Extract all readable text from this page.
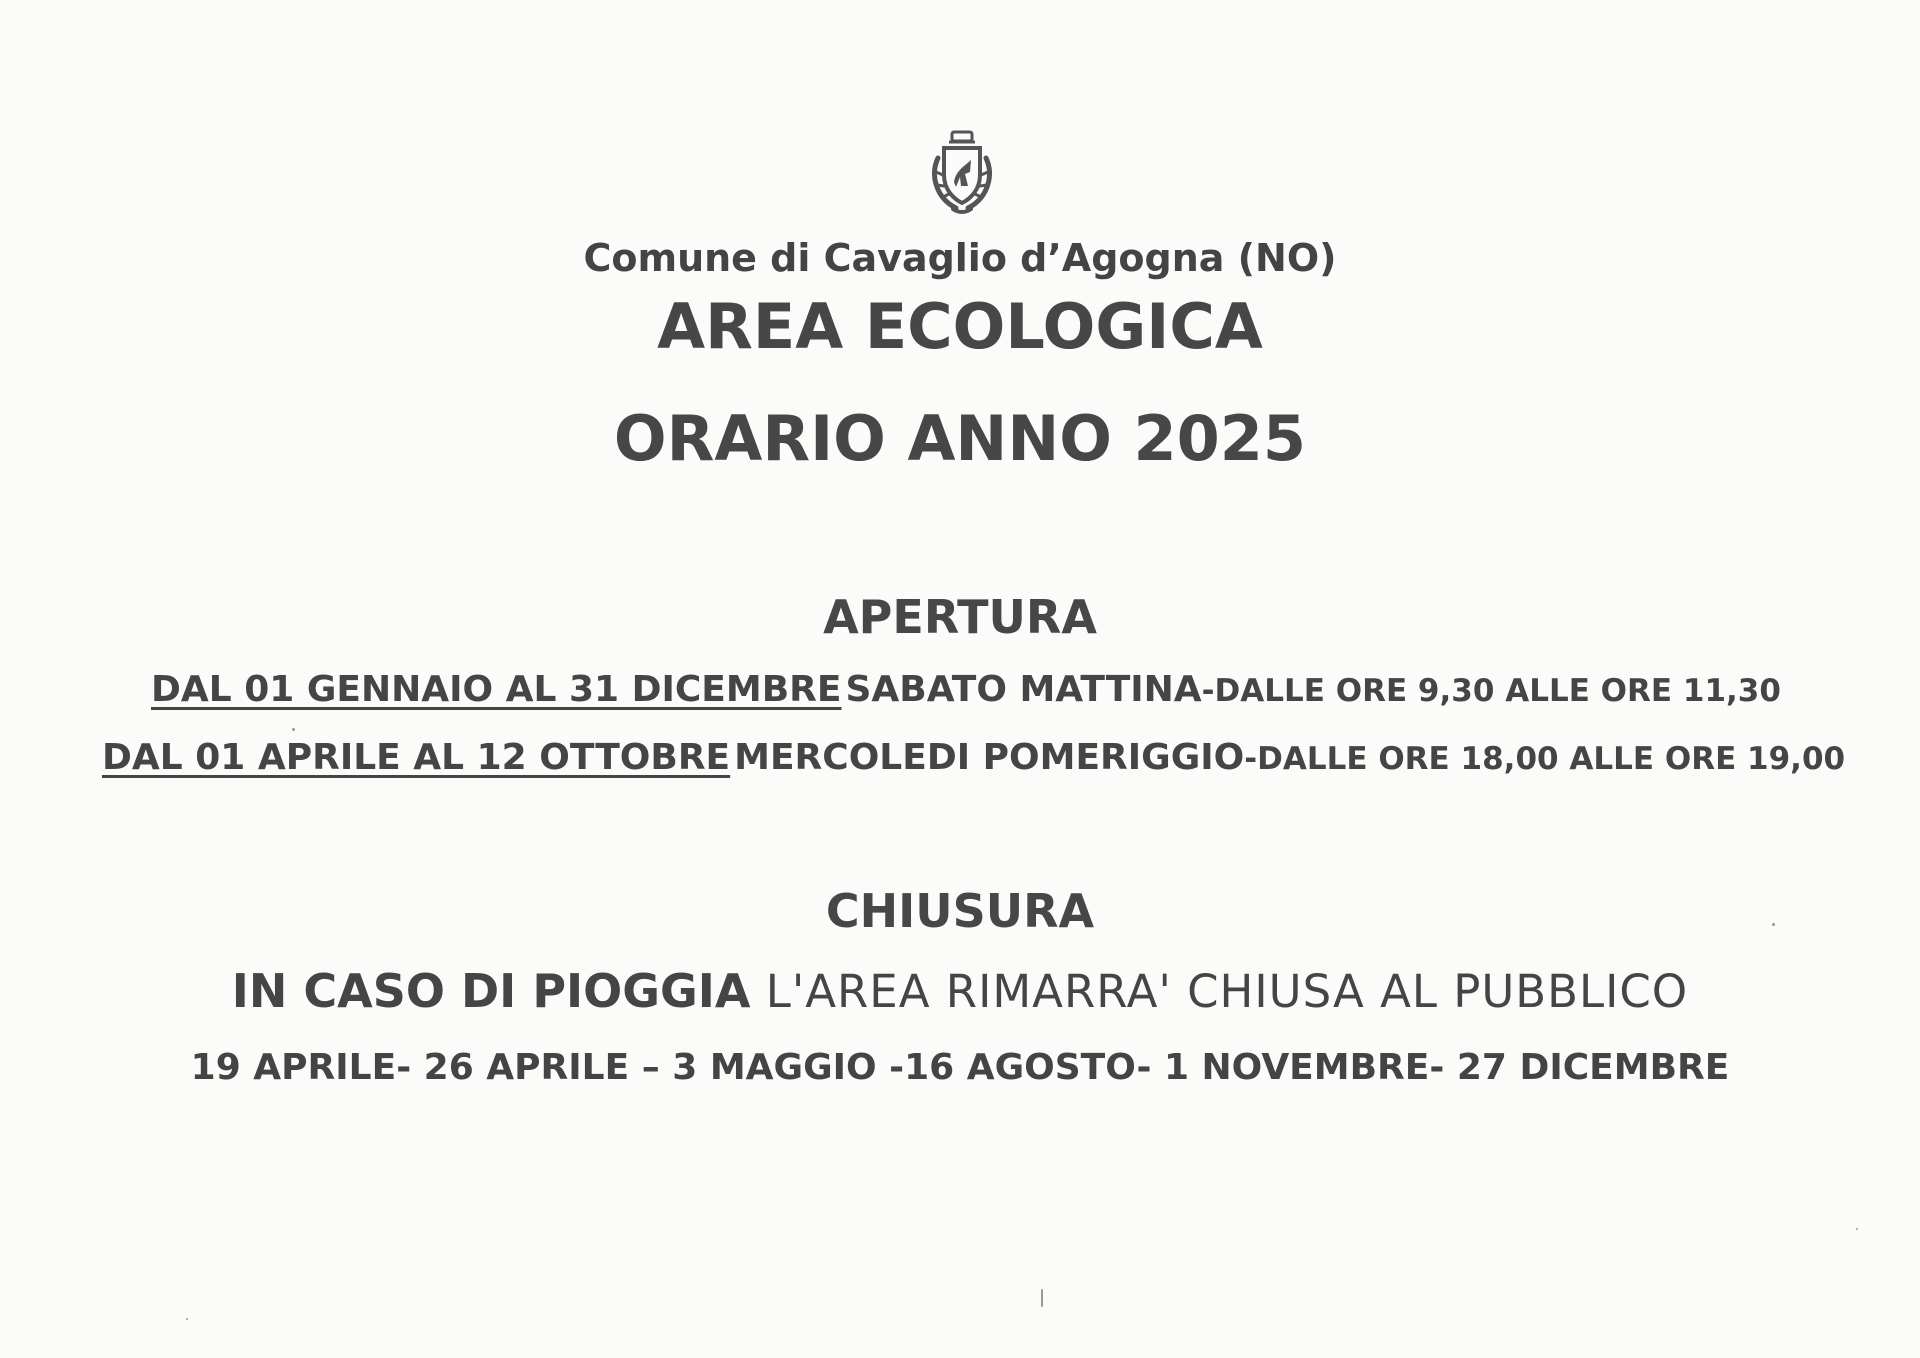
Comune di Cavaglio d’Agogna (NO)
AREA ECOLOGICA
ORARIO ANNO 2025
APERTURA
DAL 01 GENNAIO AL 31 DICEMBRE SABATO MATTINA -DALLE ORE 9,30 ALLE ORE 11,30
DAL 01 APRILE AL 12 OTTOBRE MERCOLEDI POMERIGGIO -DALLE ORE 18,00 ALLE ORE 19,00
CHIUSURA
IN CASO DI PIOGGIA L'AREA RIMARRA' CHIUSA AL PUBBLICO
19 APRILE- 26 APRILE – 3 MAGGIO -16 AGOSTO- 1 NOVEMBRE- 27 DICEMBRE
